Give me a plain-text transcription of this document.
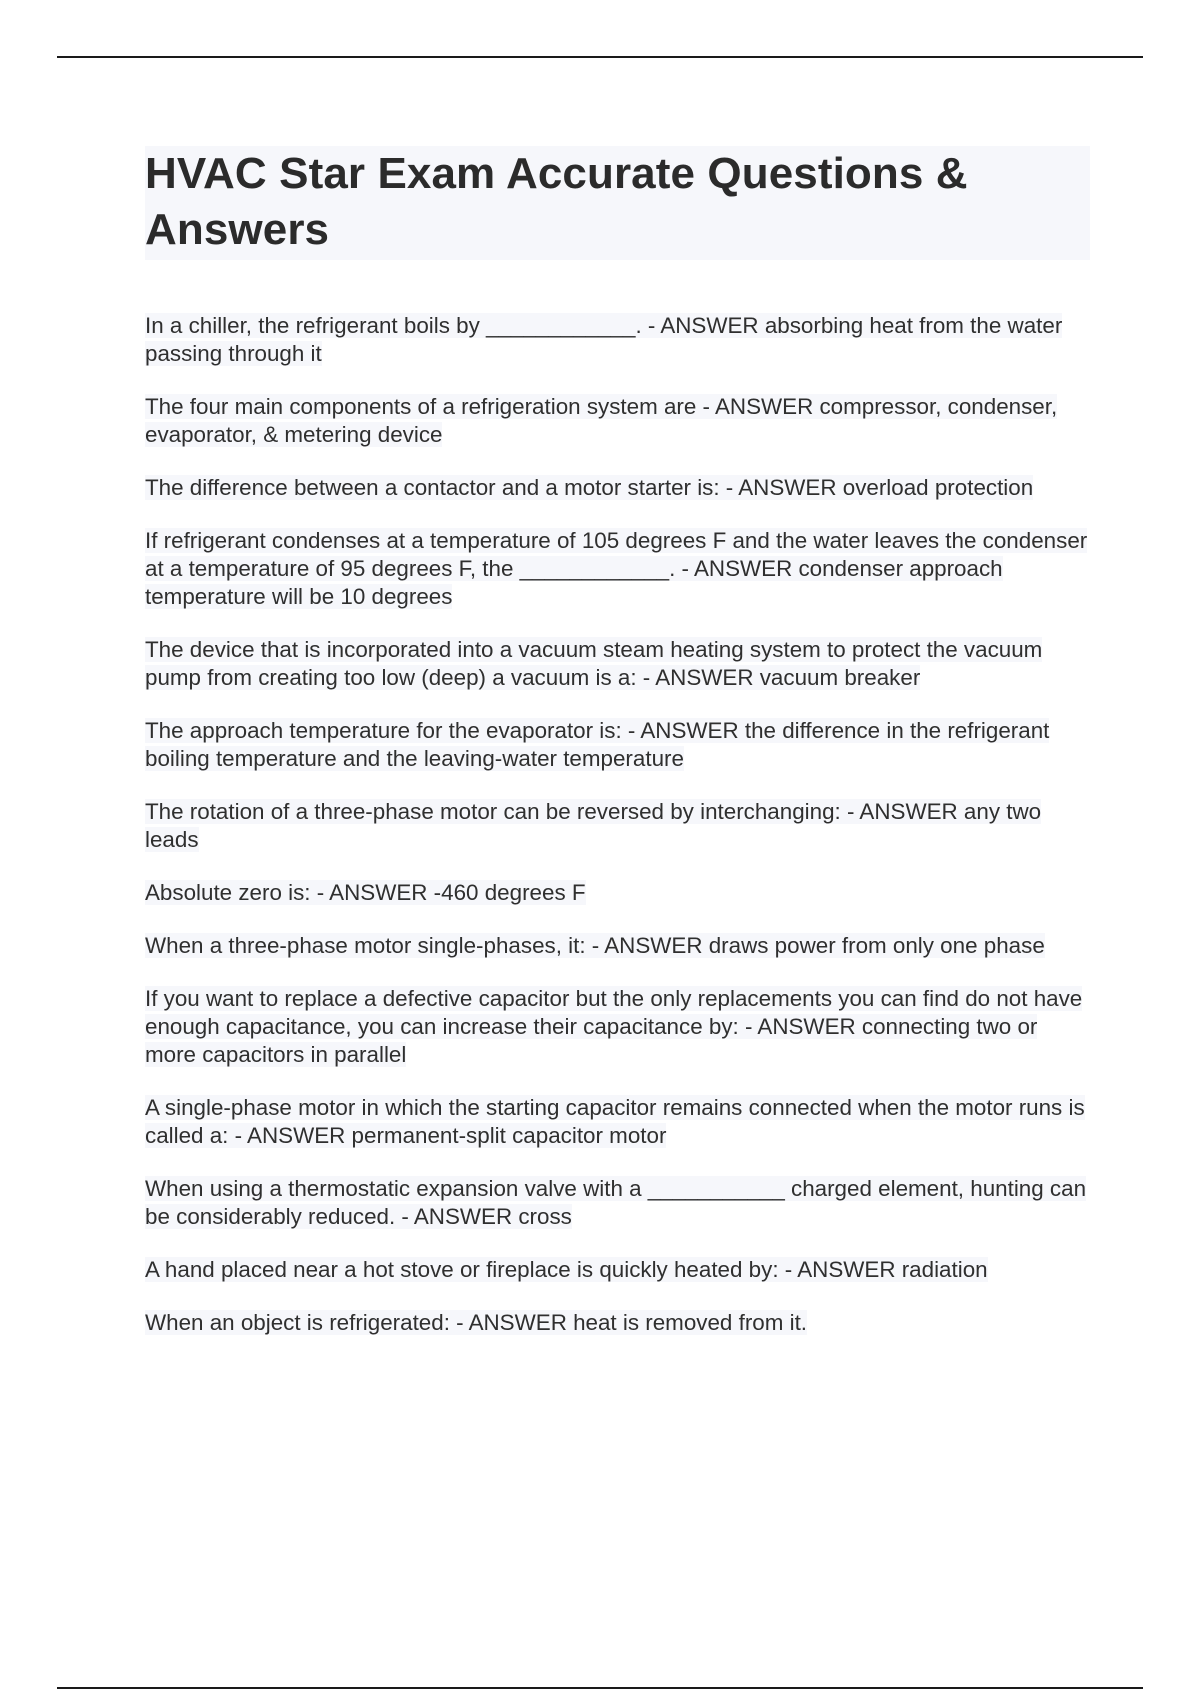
HVAC Star Exam Accurate Questions & Answers
In a chiller, the refrigerant boils by ____________. - ANSWER absorbing heat from the water passing through it
The four main components of a refrigeration system are - ANSWER compressor, condenser, evaporator, & metering device
The difference between a contactor and a motor starter is: - ANSWER overload protection
If refrigerant condenses at a temperature of 105 degrees F and the water leaves the condenser at a temperature of 95 degrees F, the ____________. - ANSWER condenser approach temperature will be 10 degrees
The device that is incorporated into a vacuum steam heating system to protect the vacuum pump from creating too low (deep) a vacuum is a: - ANSWER vacuum breaker
The approach temperature for the evaporator is: - ANSWER the difference in the refrigerant boiling temperature and the leaving-water temperature
The rotation of a three-phase motor can be reversed by interchanging: - ANSWER any two leads
Absolute zero is: - ANSWER -460 degrees F
When a three-phase motor single-phases, it: - ANSWER draws power from only one phase
If you want to replace a defective capacitor but the only replacements you can find do not have enough capacitance, you can increase their capacitance by: - ANSWER connecting two or more capacitors in parallel
A single-phase motor in which the starting capacitor remains connected when the motor runs is called a: - ANSWER permanent-split capacitor motor
When using a thermostatic expansion valve with a ___________ charged element, hunting can be considerably reduced. - ANSWER cross
A hand placed near a hot stove or fireplace is quickly heated by: - ANSWER radiation
When an object is refrigerated: - ANSWER heat is removed from it.
